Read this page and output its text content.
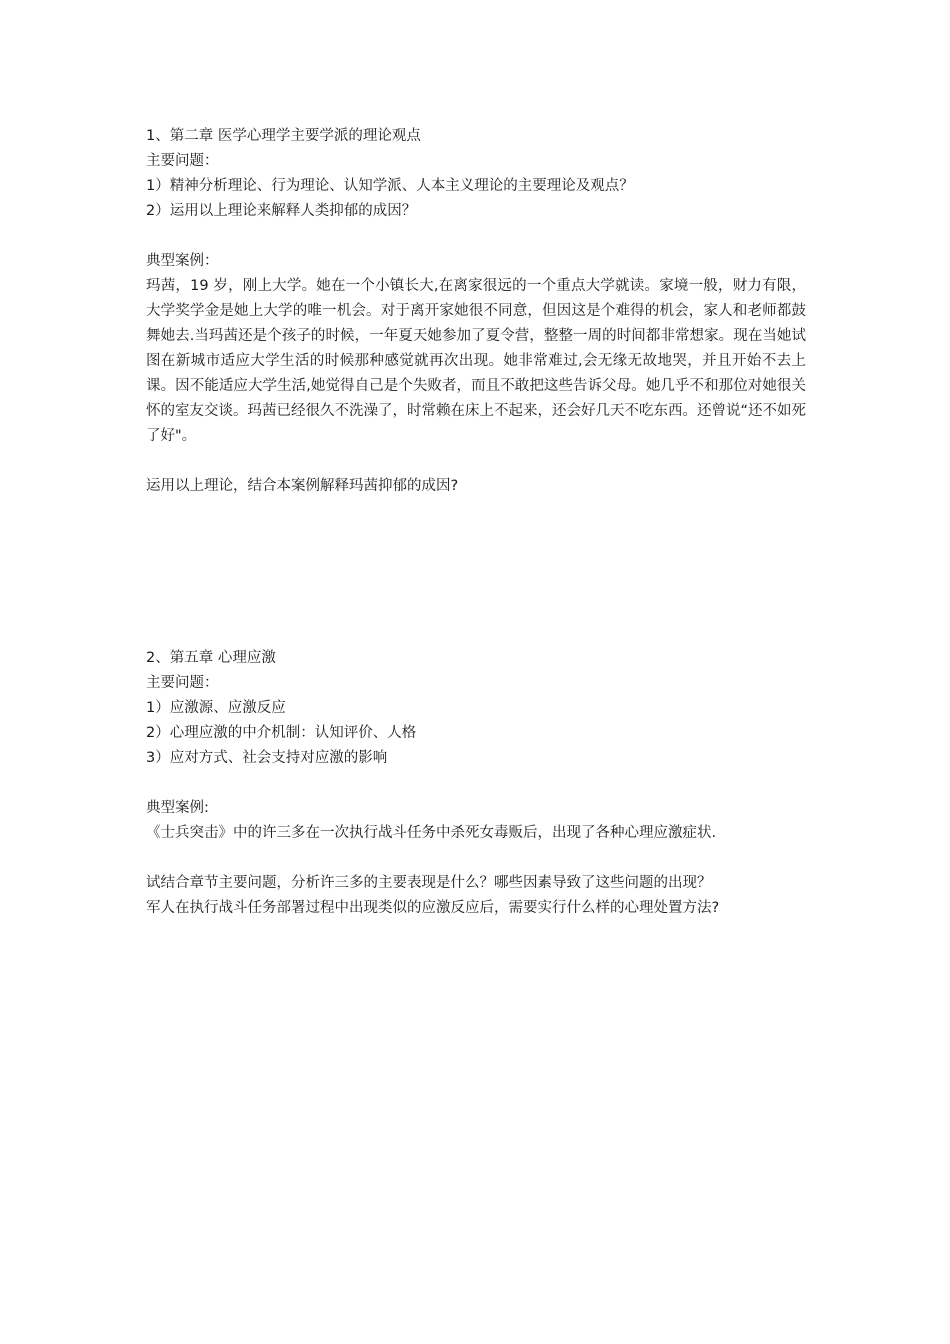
1、第二章 医学心理学主要学派的理论观点
主要问题：
1）精神分析理论、行为理论、认知学派、人本主义理论的主要理论及观点？
2）运用以上理论来解释人类抑郁的成因？
典型案例：
玛茜，19 岁，刚上大学。她在一个小镇长大,在离家很远的一个重点大学就读。家境一般，财力有限，大学奖学金是她上大学的唯一机会。对于离开家她很不同意，但因这是个难得的机会，家人和老师都鼓舞她去.当玛茜还是个孩子的时候，一年夏天她参加了夏令营，整整一周的时间都非常想家。现在当她试图在新城市适应大学生活的时候那种感觉就再次出现。她非常难过,会无缘无故地哭，并且开始不去上课。因不能适应大学生活,她觉得自己是个失败者，而且不敢把这些告诉父母。她几乎不和那位对她很关怀的室友交谈。玛茜已经很久不洗澡了，时常赖在床上不起来，还会好几天不吃东西。还曾说“还不如死了好"。
运用以上理论，结合本案例解释玛茜抑郁的成因?
2、第五章 心理应激
主要问题：
1）应激源、应激反应
2）心理应激的中介机制：认知评价、人格
3）应对方式、社会支持对应激的影响
典型案例:
《士兵突击》中的许三多在一次执行战斗任务中杀死女毒贩后，出现了各种心理应激症状.
试结合章节主要问题，分析许三多的主要表现是什么？哪些因素导致了这些问题的出现？
军人在执行战斗任务部署过程中出现类似的应激反应后，需要实行什么样的心理处置方法?
